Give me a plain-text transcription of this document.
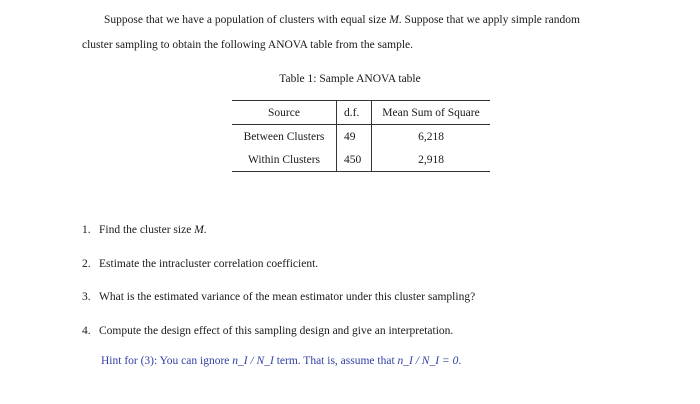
Suppose that we have a population of clusters with equal size M. Suppose that we apply simple random
cluster sampling to obtain the following ANOVA table from the sample.

Table 1: Sample ANOVA table

Source	d.f.	Mean Sum of Square
Between Clusters	49	6,218
Within Clusters	450	2,918
1. Find the cluster size M.
2. Estimate the intracluster correlation coefficient.
3. What is the estimated variance of the mean estimator under this cluster sampling?
4. Compute the design effect of this sampling design and give an interpretation.

Hint for (3): You can ignore n_I / N_I term. That is, assume that n_I / N_I = 0.
